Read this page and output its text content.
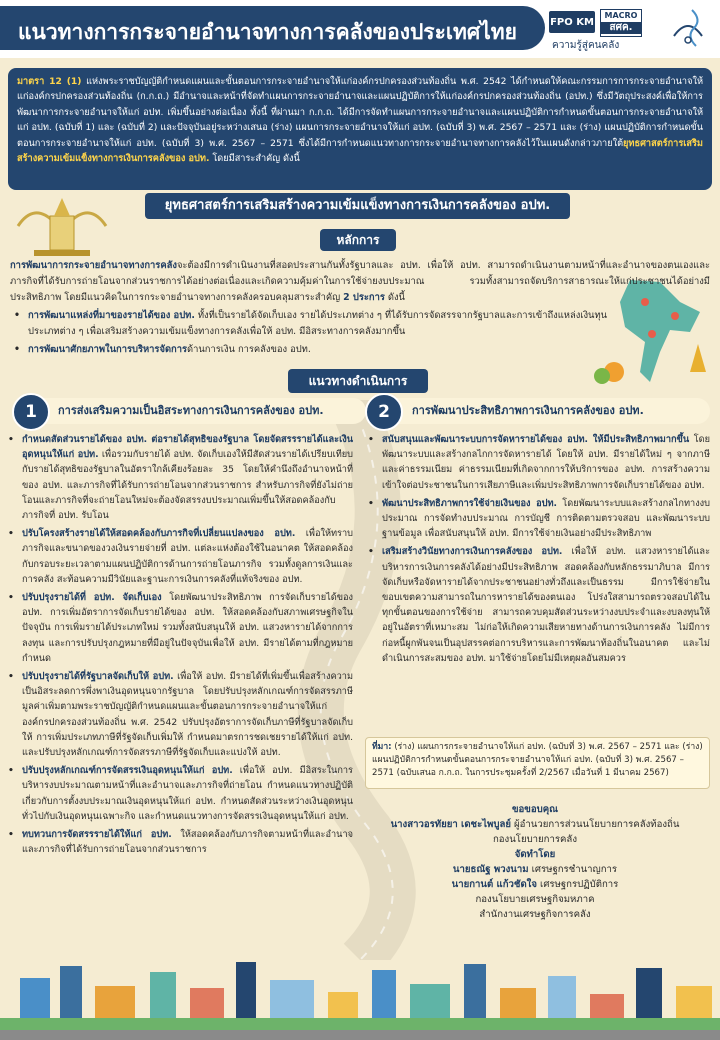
แนวทางการกระจายอำนาจทางการคลังของประเทศไทย	FPO KM
MACRO
สศค.
ความรู้สู่คนคลัง
มาตรา 12 (1) แห่งพระราชบัญญัติกำหนดแผนและขั้นตอนการกระจายอำนาจให้แก่องค์กรปกครองส่วนท้องถิ่น พ.ศ. 2542 ได้กำหนดให้คณะกรรมการการกระจายอำนาจให้แก่องค์กรปกครองส่วนท้องถิ่น (ก.ก.ถ.) มีอำนาจและหน้าที่จัดทำแผนการกระจายอำนาจและแผนปฏิบัติการให้แก่องค์กรปกครองส่วนท้องถิ่น (อปท.) ซึ่งมีวัตถุประสงค์เพื่อให้การพัฒนาการกระจายอำนาจให้แก่ อปท. เพิ่มขึ้นอย่างต่อเนื่อง ทั้งนี้ ที่ผ่านมา ก.ก.ถ. ได้มีการจัดทำแผนการกระจายอำนาจและแผนปฏิบัติการกำหนดขั้นตอนการกระจายอำนาจให้แก่ อปท. (ฉบับที่ 1) และ (ฉบับที่ 2) และปัจจุบันอยู่ระหว่างเสนอ (ร่าง) แผนการกระจายอำนาจให้แก่ อปท. (ฉบับที่ 3) พ.ศ. 2567 – 2571 และ (ร่าง) แผนปฏิบัติการกำหนดขั้นตอนการกระจายอำนาจให้แก่ อปท. (ฉบับที่ 3) พ.ศ. 2567 – 2571 ซึ่งได้มีการกำหนดแนวทางการกระจายอำนาจทางการคลังไว้ในแผนดังกล่าวภายใต้ยุทธศาสตร์การเสริมสร้างความเข้มแข็งทางการเงินการคลังของ อปท. โดยมีสาระสำคัญ ดังนี้
ยุทธศาสตร์การเสริมสร้างความเข้มแข็งทางการเงินการคลังของ อปท.
หลักการ
การพัฒนาการกระจายอำนาจทางการคลังจะต้องมีการดำเนินงานที่สอดประสานกันทั้งรัฐบาลและ อปท. เพื่อให้ อปท. สามารถดำเนินงานตามหน้าที่และอำนาจของตนเองและภารกิจที่ได้รับการถ่ายโอนจากส่วนราชการได้อย่างต่อเนื่องและเกิดความคุ้มค่าในการใช้จ่ายงบประมาณ รวมทั้งสามารถจัดบริการสาธารณะให้แก่ประชาชนได้อย่างมีประสิทธิภาพ โดยมีแนวคิดในการกระจายอำนาจทางการคลังครอบคลุมสาระสำคัญ 2 ประการ ดังนี้
• การพัฒนาแหล่งที่มาของรายได้ของ อปท. ทั้งที่เป็นรายได้จัดเก็บเอง รายได้ประเภทต่าง ๆ ที่ได้รับการจัดสรรจากรัฐบาลและการเข้าถึงแหล่งเงินทุนประเภทต่าง ๆ เพื่อเสริมสร้างความเข้มแข็งทางการคลังเพื่อให้ อปท. มีอิสระทางการคลังมากขึ้น
• การพัฒนาศักยภาพในการบริหารจัดการด้านการเงิน การคลังของ อปท.
แนวทางดำเนินการ
การส่งเสริมความเป็นอิสระทางการเงินการคลังของ อปท.
1
• กำหนดสัดส่วนรายได้ของ อปท. ต่อรายได้สุทธิของรัฐบาล โดยจัดสรรรายได้และเงินอุดหนุนให้แก่ อปท. เพื่อรวมกับรายได้ อปท. จัดเก็บเองให้มีสัดส่วนรายได้เปรียบเทียบกับรายได้สุทธิของรัฐบาลในอัตราใกล้เคียงร้อยละ 35 โดยให้คำนึงถึงอำนาจหน้าที่ของ อปท. และภารกิจที่ได้รับการถ่ายโอนจากส่วนราชการ สำหรับภารกิจที่ยังไม่ถ่ายโอนและภารกิจที่จะถ่ายโอนใหม่จะต้องจัดสรรงบประมาณเพิ่มขึ้นให้สอดคล้องกับภารกิจที่ อปท. รับโอน
• ปรับโครงสร้างรายได้ให้สอดคล้องกับภารกิจที่เปลี่ยนแปลงของ อปท. เพื่อให้ทราบภารกิจและขนาดของวงเงินรายจ่ายที่ อปท. แต่ละแห่งต้องใช้ในอนาคต ให้สอดคล้องกับกรอบระยะเวลาตามแผนปฏิบัติการด้านการถ่ายโอนภารกิจ รวมทั้งดูลการเงินและการคลัง สะท้อนความมีวินัยและฐานะการเงินการคลังที่แท้จริงของ อปท.
• ปรับปรุงรายได้ที่ อปท. จัดเก็บเอง โดยพัฒนาประสิทธิภาพ การจัดเก็บรายได้ของ อปท. การเพิ่มอัตราการจัดเก็บรายได้ของ อปท. ให้สอดคล้องกับสภาพเศรษฐกิจในปัจจุบัน การเพิ่มรายได้ประเภทใหม่ รวมทั้งสนับสนุนให้ อปท. แสวงหารายได้จากการลงทุน และการปรับปรุงกฎหมายที่มีอยู่ในปัจจุบันเพื่อให้ อปท. มีรายได้ตามที่กฎหมายกำหนด
• ปรับปรุงรายได้ที่รัฐบาลจัดเก็บให้ อปท. เพื่อให้ อปท. มีรายได้ที่เพิ่มขึ้นเพื่อสร้างความเป็นอิสระลดการพึ่งพาเงินอุดหนุนจากรัฐบาล โดยปรับปรุงหลักเกณฑ์การจัดสรรภาษีมูลค่าเพิ่มตามพระราชบัญญัติกำหนดแผนและขั้นตอนการกระจายอำนาจให้แก่องค์กรปกครองส่วนท้องถิ่น พ.ศ. 2542 ปรับปรุงอัตราการจัดเก็บภาษีที่รัฐบาลจัดเก็บให้ การเพิ่มประเภทภาษีที่รัฐจัดเก็บเพิ่มให้ กำหนดมาตรการชดเชยรายได้ให้แก่ อปท. และปรับปรุงหลักเกณฑ์การจัดสรรภาษีที่รัฐจัดเก็บและแบ่งให้ อปท.
• ปรับปรุงหลักเกณฑ์การจัดสรรเงินอุดหนุนให้แก่ อปท. เพื่อให้ อปท. มีอิสระในการบริหารงบประมาณตามหน้าที่และอำนาจและภารกิจที่ถ่ายโอน กำหนดแนวทางปฏิบัติเกี่ยวกับการตั้งงบประมาณเงินอุดหนุนให้แก่ อปท. กำหนดสัดส่วนระหว่างเงินอุดหนุนทั่วไปกับเงินอุดหนุนเฉพาะกิจ และกำหนดแนวทางการจัดสรรเงินอุดหนุนให้แก่ อปท.
• ทบทวนการจัดสรรรายได้ให้แก่ อปท. ให้สอดคล้องกับภารกิจตามหน้าที่และอำนาจและภารกิจที่ได้รับการถ่ายโอนจากส่วนราชการ
การพัฒนาประสิทธิภาพการเงินการคลังของ อปท.
2
• สนับสนุนและพัฒนาระบบการจัดหารายได้ของ อปท. ให้มีประสิทธิภาพมากขึ้น โดยพัฒนาระบบและสร้างกลไกการจัดหารายได้ โดยให้ อปท. มีรายได้ใหม่ ๆ จากภาษีและค่าธรรมเนียม ค่าธรรมเนียมที่เกิดจากการให้บริการของ อปท. การสร้างความเข้าใจต่อประชาชนในการเสียภาษีและเพิ่มประสิทธิภาพการจัดเก็บรายได้ของ อปท.
• พัฒนาประสิทธิภาพการใช้จ่ายเงินของ อปท. โดยพัฒนาระบบและสร้างกลไกทางงบประมาณ การจัดทำงบประมาณ การบัญชี การติดตามตรวจสอบ และพัฒนาระบบฐานข้อมูล เพื่อสนับสนุนให้ อปท. มีการใช้จ่ายเงินอย่างมีประสิทธิภาพ
• เสริมสร้างวินัยทางการเงินการคลังของ อปท. เพื่อให้ อปท. แสวงหารายได้และบริหารการเงินการคลังได้อย่างมีประสิทธิภาพ สอดคล้องกับหลักธรรมาภิบาล มีการจัดเก็บหรือจัดหารายได้จากประชาชนอย่างทั่วถึงและเป็นธรรม มีการใช้จ่ายในขอบเขตความสามารถในการหารายได้ของตนเอง โปร่งใสสามารถตรวจสอบได้ในทุกขั้นตอนของการใช้จ่าย สามารถควบคุมสัดส่วนระหว่างงบประจำและงบลงทุนให้อยู่ในอัตราที่เหมาะสม ไม่ก่อให้เกิดความเสียหายทางด้านการเงินการคลัง ไม่มีการก่อหนี้ผูกพันจนเป็นอุปสรรคต่อการบริหารและการพัฒนาท้องถิ่นในอนาคต และไม่ดำเนินการสะสมของ อปท. มาใช้จ่ายโดยไม่มีเหตุผลอันสมควร
ที่มา: (ร่าง) แผนการกระจายอำนาจให้แก่ อปท. (ฉบับที่ 3) พ.ศ. 2567 – 2571 และ (ร่าง) แผนปฏิบัติการกำหนดขั้นตอนการกระจายอำนาจให้แก่ อปท. (ฉบับที่ 3) พ.ศ. 2567 – 2571 (ฉบับเสนอ ก.ก.ถ. ในการประชุมครั้งที่ 2/2567 เมื่อวันที่ 1 มีนาคม 2567)
ขอขอบคุณ
นางสาวอรทัยยา เดชะไพบูลย์ ผู้อำนวยการส่วนนโยบายการคลังท้องถิ่น
กองนโยบายการคลัง
จัดทำโดย
นายธณัฐ พวงนาม เศรษฐกรชำนาญการ
นายกานต์ แก้วชัดใจ เศรษฐกรปฏิบัติการ
กองนโยบายเศรษฐกิจมหภาค
สำนักงานเศรษฐกิจการคลัง
